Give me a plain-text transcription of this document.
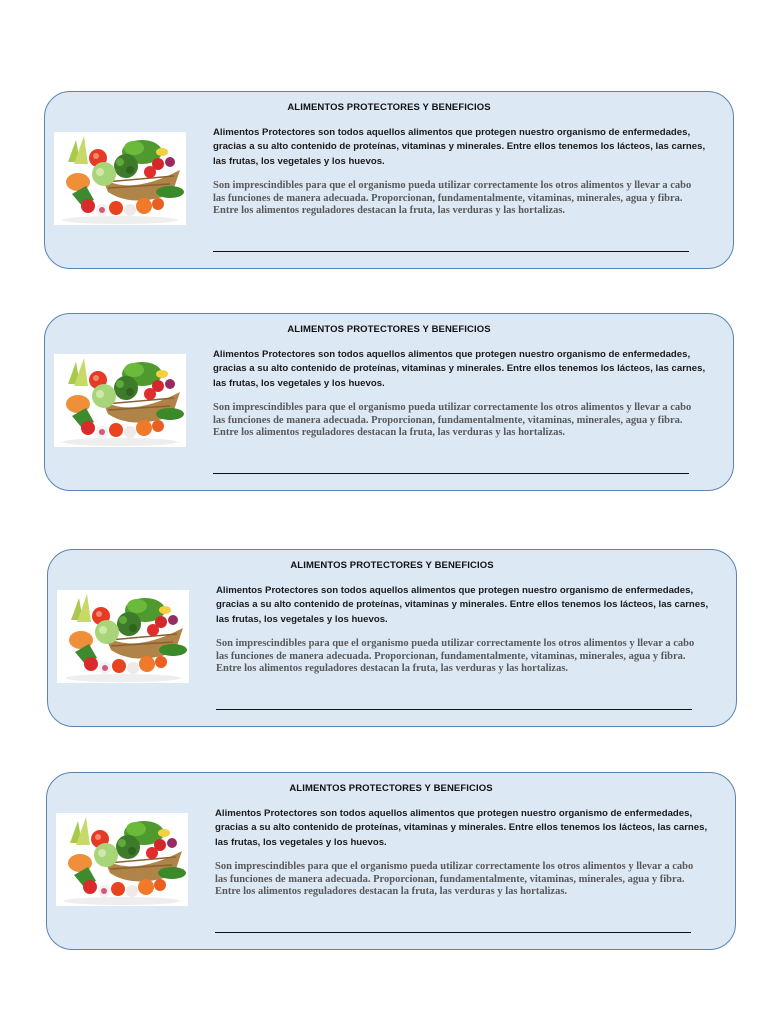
ALIMENTOS PROTECTORES Y BENEFICIOS

Alimentos Protectores son todos aquellos alimentos que protegen nuestro organismo de enfermedades, gracias a su alto contenido de proteínas, vitaminas y minerales. Entre ellos tenemos los lácteos, las carnes, las frutas, los vegetales y los huevos.

Son imprescindibles para que el organismo pueda utilizar correctamente los otros alimentos y llevar a cabo las funciones de manera adecuada. Proporcionan, fundamentalmente, vitaminas, minerales, agua y fibra. Entre los alimentos reguladores destacan la fruta, las verduras y las hortalizas.

ALIMENTOS PROTECTORES Y BENEFICIOS

Alimentos Protectores son todos aquellos alimentos que protegen nuestro organismo de enfermedades, gracias a su alto contenido de proteínas, vitaminas y minerales. Entre ellos tenemos los lácteos, las carnes, las frutas, los vegetales y los huevos.

Son imprescindibles para que el organismo pueda utilizar correctamente los otros alimentos y llevar a cabo las funciones de manera adecuada. Proporcionan, fundamentalmente, vitaminas, minerales, agua y fibra. Entre los alimentos reguladores destacan la fruta, las verduras y las hortalizas.

ALIMENTOS PROTECTORES Y BENEFICIOS

Alimentos Protectores son todos aquellos alimentos que protegen nuestro organismo de enfermedades, gracias a su alto contenido de proteínas, vitaminas y minerales. Entre ellos tenemos los lácteos, las carnes, las frutas, los vegetales y los huevos.

Son imprescindibles para que el organismo pueda utilizar correctamente los otros alimentos y llevar a cabo las funciones de manera adecuada. Proporcionan, fundamentalmente, vitaminas, minerales, agua y fibra. Entre los alimentos reguladores destacan la fruta, las verduras y las hortalizas.

ALIMENTOS PROTECTORES Y BENEFICIOS

Alimentos Protectores son todos aquellos alimentos que protegen nuestro organismo de enfermedades, gracias a su alto contenido de proteínas, vitaminas y minerales. Entre ellos tenemos los lácteos, las carnes, las frutas, los vegetales y los huevos.

Son imprescindibles para que el organismo pueda utilizar correctamente los otros alimentos y llevar a cabo las funciones de manera adecuada. Proporcionan, fundamentalmente, vitaminas, minerales, agua y fibra. Entre los alimentos reguladores destacan la fruta, las verduras y las hortalizas.
